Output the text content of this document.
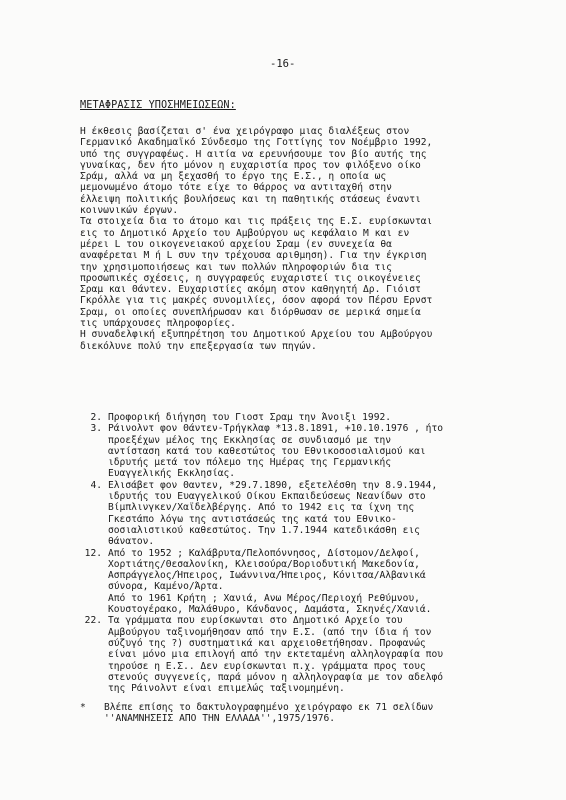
-16-
ΜΕΤΑΦΡΑΣΙΣ ΥΠΟΣΗΜΕΙΩΣΕΩΝ:

Η έκθεσις βασίζεται σ' ένα χειρόγραφο μιας διαλέξεως στον

Γερμανικό Ακαδημαϊκό Σύνδεσμο της Γοττίγης τον Νοέμβριο 1992,

υπό της συγγραφέως. Η αιτία να ερευνήσουμε τον βίο αυτής της

γυναίκας, δεν ήτο μόνον η ευχαριστία προς τον φιλόξενο οίκο

Σράμ, αλλά να μη ξεχασθή το έργο της Ε.Σ., η οποία ως

μεμονωμένο άτομο τότε είχε το θάρρος να αντιταχθή στην

έλλειψη πολιτικής βουλήσεως και τη παθητικής στάσεως έναντι

κοινωνικών έργων.

Τα στοιχεία δια το άτομο και τις πράξεις της Ε.Σ. ευρίσκωνται

εις το Δημοτικό Αρχείο του Αμβούργου ως κεφάλαιο Μ και εν

μέρει L του οικογενειακού αρχείου Σραμ (εν συνεχεία θα

αναφέρεται Μ ή L συν την τρέχουσα αριθμηση). Για την έγκριση

την χρησιμοποιήσεως και των πολλών πληροφοριών δια τις

προσωπικές σχέσεις, η συγγραφεύς ευχαριστεί τις οικογένειες

Σραμ και Θάντεν. Ευχαριστίες ακόμη στον καθηγητή Δρ. Γιόιστ

Γκρόλλε για τις μακρές συνομιλίες, όσον αφορά τον Πέρσυ Ερνστ

Σραμ, οι οποίες συνεπλήρωσαν και διόρθωσαν σε μερικά σημεία

τις υπάρχουσες πληροφορίες.

Η συναδελφική εξυπηρέτηση του Δημοτικού Αρχείου του Αμβούργου

διεκόλυνε πολύ την επεξεργασία των πηγών.

2. Προφορική διήγηση του Γιοστ Σραμ την Άνοιξι 1992.
3. Ράινολντ φον Θάντεν-Τρήγκλαφ *13.8.1891, +10.10.1976 , ήτο
προεξέχων μέλος της Εκκλησίας σε συνδιασμό με την
αντίσταση κατά του καθεστώτος του Εθνικοσοσιαλισμού και
ιδρυτής μετά τον πόλεμο της Ημέρας της Γερμανικής
Ευαγγελικής Εκκλησίας.
4. Ελισάβετ φον Θαντεν, *29.7.1890, εξετελέσθη την 8.9.1944,
ιδρυτής του Ευαγγελικού Οίκου Εκπαιδεύσεως Νεανίδων στο
Βίμπλινγκεν/Χαϊδελβέργης. Από το 1942 εις τα ίχνη της
Γκεστάπο λόγω της αντιστάσεώς της κατά του Εθνικο-
σοσιαλιστικού καθεστώτος. Την 1.7.1944 κατεδικάσθη εις
θάνατον.
12. Από το 1952 ; Καλάβρυτα/Πελοπόννησος, Δίστομον/Δελφοί,
Χορτιάτης/Θεσαλονίκη, Κλεισούρα/Βοριοδυτική Μακεδονία,
Ασπράγγελος/Ήπειρος, Ιωάννινα/Ήπειρος, Κόνιτσα/Αλβανικά
σύνορα, Καμένο/Άρτα.
Από το 1961 Κρήτη ; Χανιά, Ανω Μέρος/Περιοχή Ρεθύμνου,
Κουστογέρακο, Μαλάθυρο, Κάνδανος, Δαμάστα, Σκηνές/Χανιά.
22. Τα γράμματα που ευρίσκωνται στο Δημοτικό Αρχείο του
Αμβούργου ταξινομήθησαν από την Ε.Σ. (από την ίδια ή τον
σύζυγό της ?) συστηματικά και αρχειοθετήθησαν. Προφανώς
είναι μόνο μια επιλογή από την εκτεταμένη αλληλογραφία που
τηρούσε η Ε.Σ.. Δεν ευρίσκωνται π.χ. γράμματα προς τους
στενούς συγγενείς, παρά μόνον η αλληλογραφία με τον αδελφό
της Ράινολντ είναι επιμελώς ταξινομημένη.
* Βλέπε επίσης το δακτυλογραφημένο χειρόγραφο εκ 71 σελίδων
''ΑΝΑΜΝΗΣΕΙΣ ΑΠΟ ΤΗΝ ΕΛΛΑΔΑ'',1975/1976.
